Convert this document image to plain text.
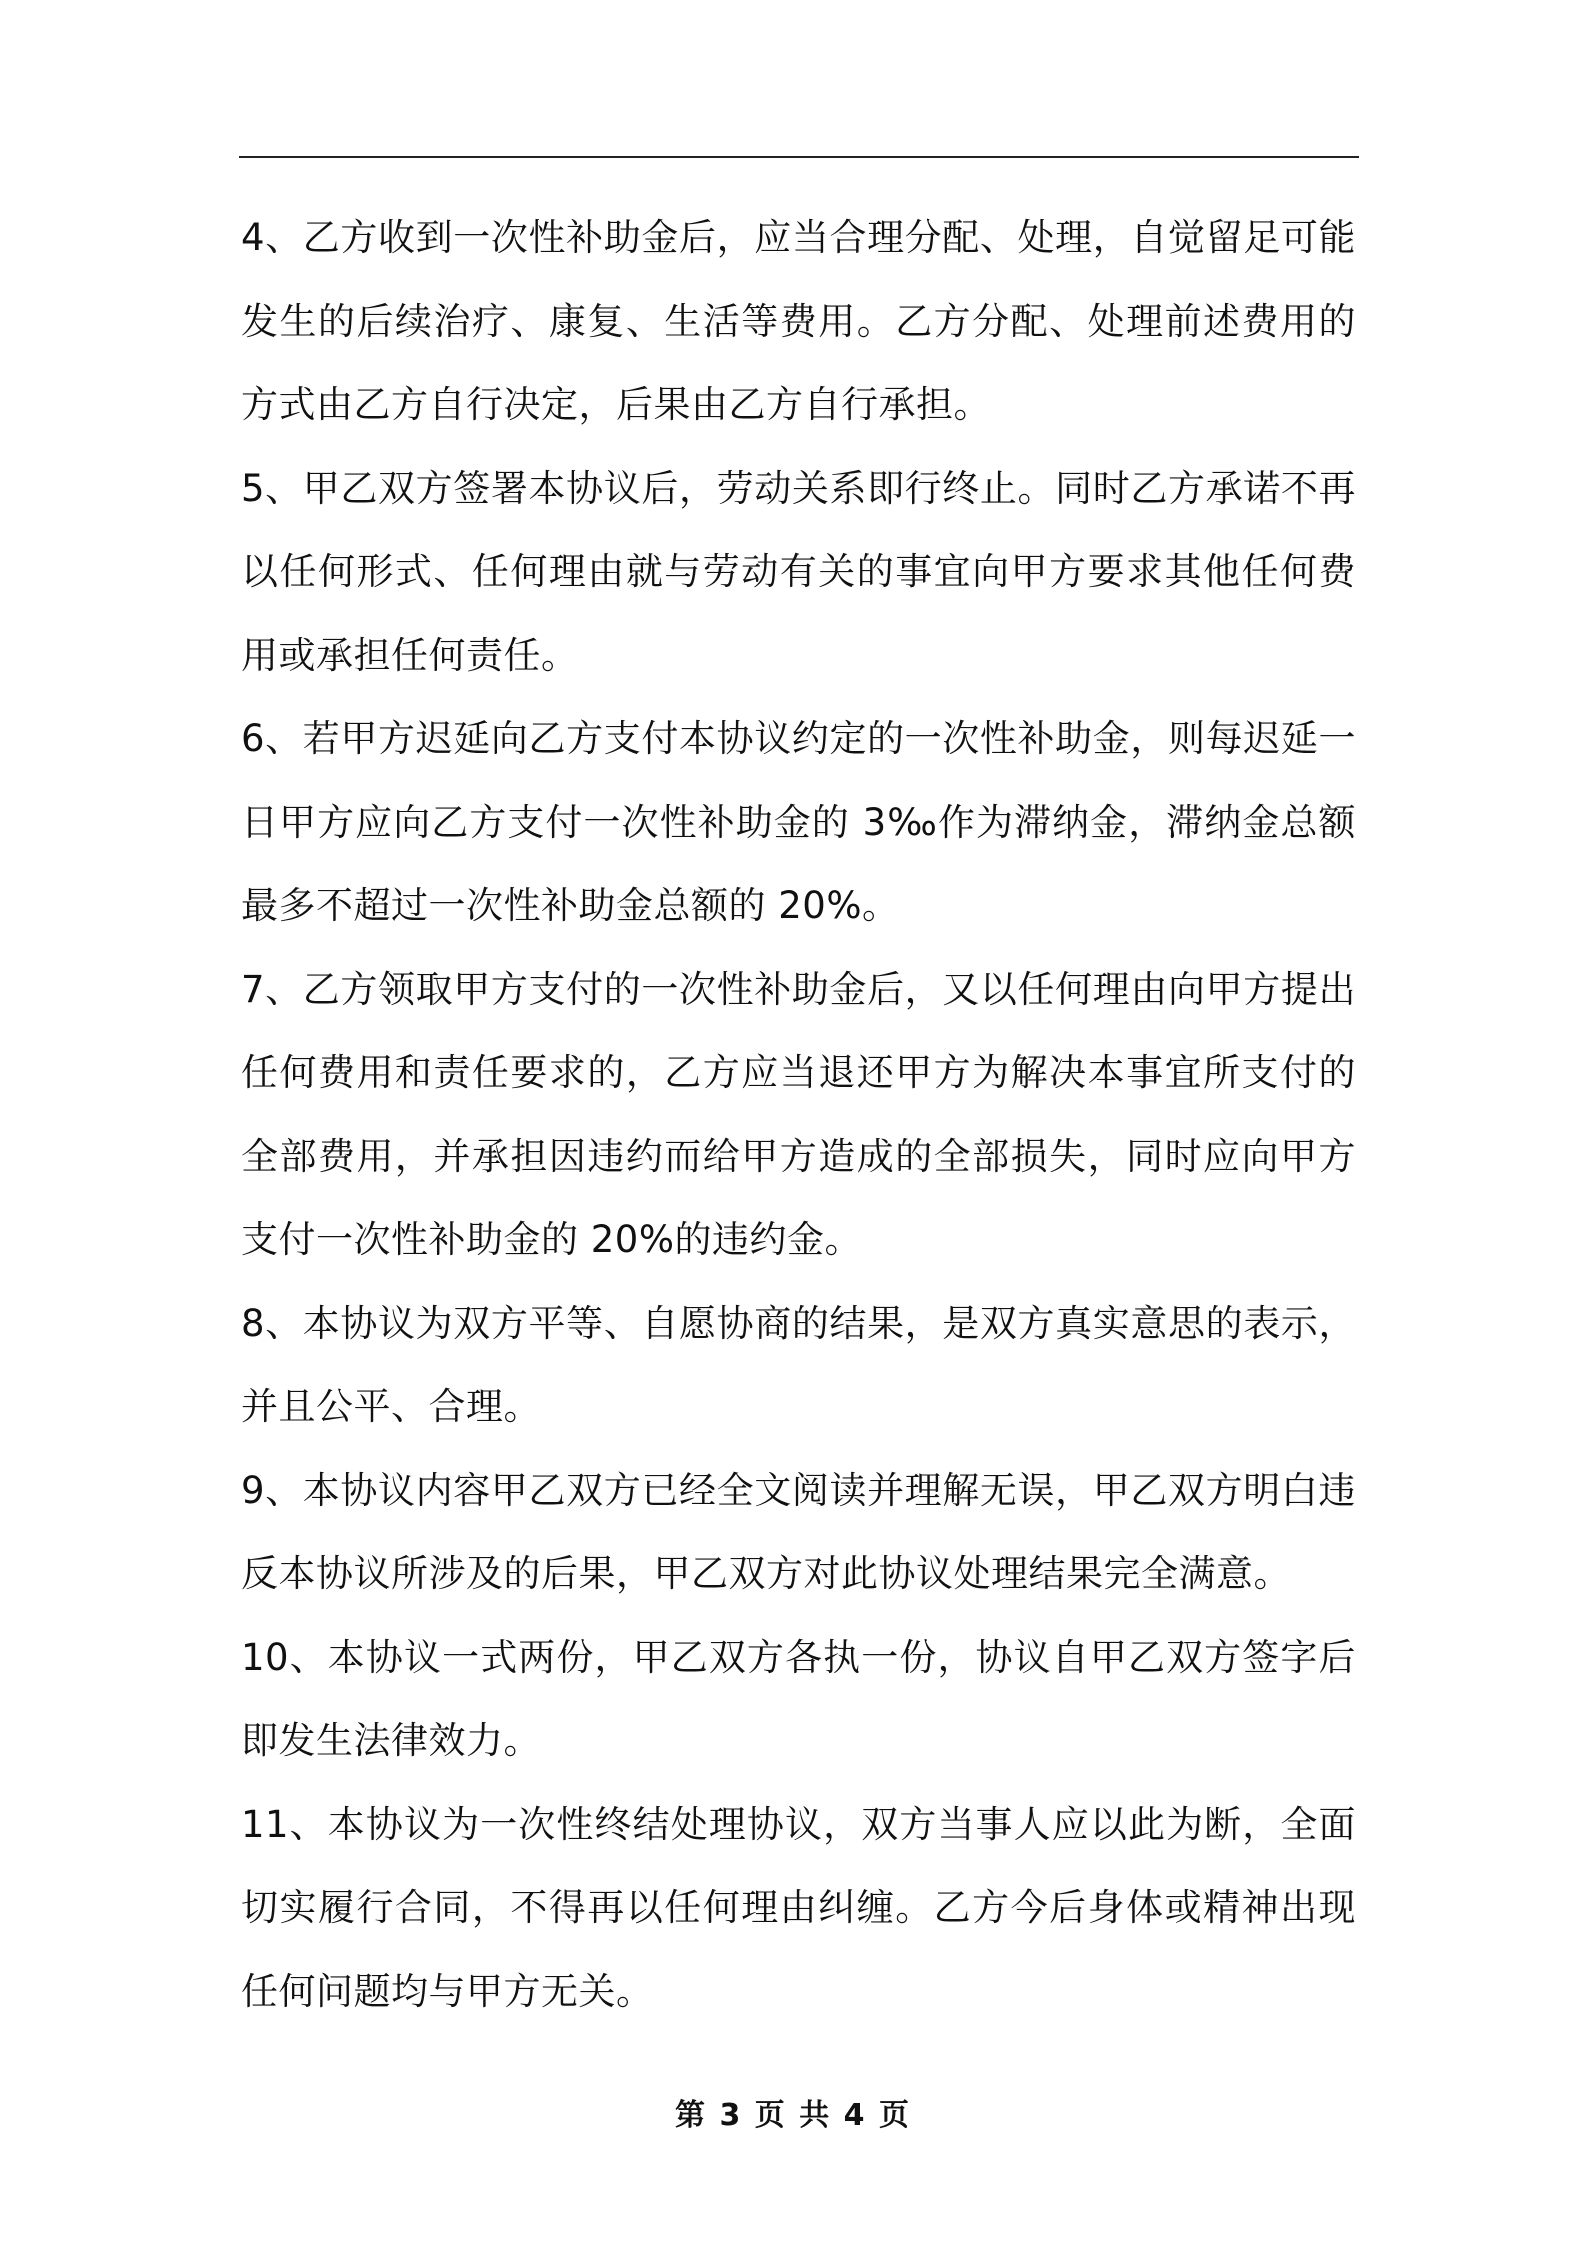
4、乙方收到一次性补助金后，应当合理分配、处理，自觉留足可能发生的后续治疗、康复、生活等费用。乙方分配、处理前述费用的方式由乙方自行决定，后果由乙方自行承担。

5、甲乙双方签署本协议后，劳动关系即行终止。同时乙方承诺不再以任何形式、任何理由就与劳动有关的事宜向甲方要求其他任何费用或承担任何责任。

6、若甲方迟延向乙方支付本协议约定的一次性补助金，则每迟延一日甲方应向乙方支付一次性补助金的 3‰作为滞纳金，滞纳金总额最多不超过一次性补助金总额的 20%。

7、乙方领取甲方支付的一次性补助金后，又以任何理由向甲方提出任何费用和责任要求的，乙方应当退还甲方为解决本事宜所支付的全部费用，并承担因违约而给甲方造成的全部损失，同时应向甲方支付一次性补助金的 20%的违约金。

8、本协议为双方平等、自愿协商的结果，是双方真实意思的表示，并且公平、合理。

9、本协议内容甲乙双方已经全文阅读并理解无误，甲乙双方明白违反本协议所涉及的后果，甲乙双方对此协议处理结果完全满意。

10、本协议一式两份，甲乙双方各执一份，协议自甲乙双方签字后即发生法律效力。

11、本协议为一次性终结处理协议，双方当事人应以此为断，全面切实履行合同，不得再以任何理由纠缠。乙方今后身体或精神出现任何问题均与甲方无关。

第 3 页 共 4 页
